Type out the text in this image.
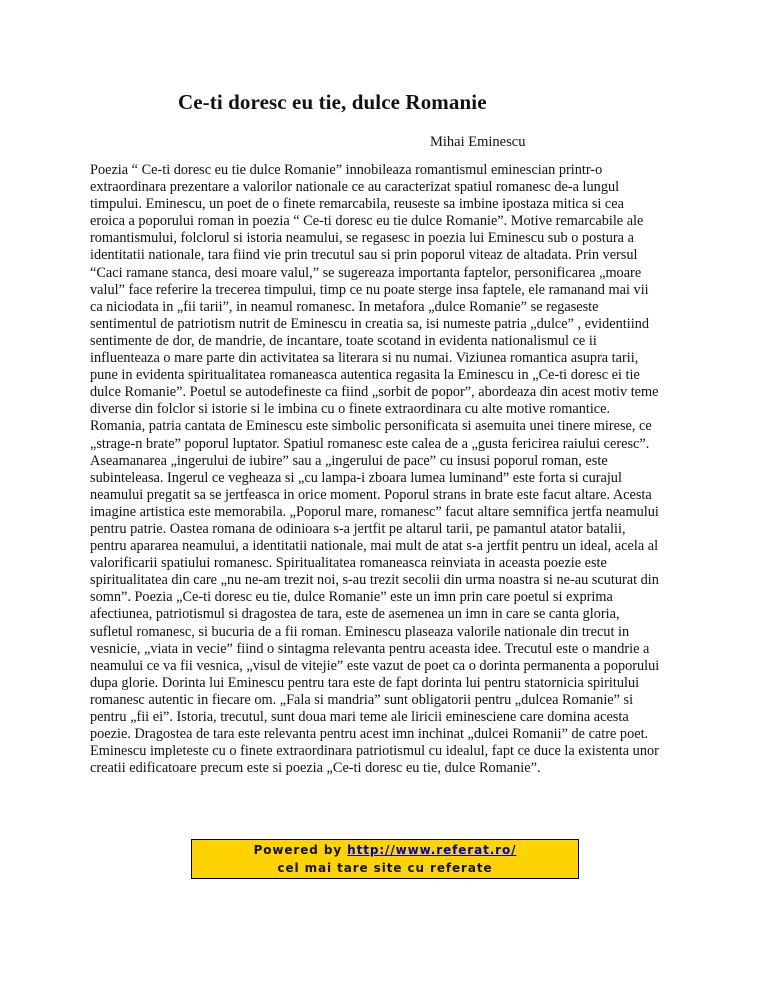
Ce-ti doresc eu tie, dulce Romanie
Mihai Eminescu
Poezia “ Ce-ti doresc eu tie dulce Romanie” innobileaza romantismul eminescian printr-o
extraordinara prezentare a valorilor nationale ce au caracterizat spatiul romanesc de-a lungul
timpului. Eminescu, un poet de o finete remarcabila, reuseste sa imbine ipostaza mitica si cea
eroica a poporului roman in poezia “ Ce-ti doresc eu tie dulce Romanie”. Motive remarcabile ale
romantismului, folclorul si istoria neamului, se regasesc in poezia lui Eminescu sub o postura a
identitatii nationale, tara fiind vie prin trecutul sau si prin poporul viteaz de altadata. Prin versul
“Caci ramane stanca, desi moare valul,” se sugereaza importanta faptelor, personificarea „moare
valul” face referire la trecerea timpului, timp ce nu poate sterge insa faptele, ele ramanand mai vii
ca niciodata in „fii tarii”, in neamul romanesc. In metafora „dulce Romanie” se regaseste
sentimentul de patriotism nutrit de Eminescu in creatia sa, isi numeste patria „dulce” , evidentiind
sentimente de dor, de mandrie, de incantare, toate scotand in evidenta nationalismul ce ii
influenteaza o mare parte din activitatea sa literara si nu numai. Viziunea romantica asupra tarii,
pune in evidenta spiritualitatea romaneasca autentica regasita la Eminescu in „Ce-ti doresc ei tie
dulce Romanie”. Poetul se autodefineste ca fiind „sorbit de popor”, abordeaza din acest motiv teme
diverse din folclor si istorie si le imbina cu o finete extraordinara cu alte motive romantice.
Romania, patria cantata de Eminescu este simbolic personificata si asemuita unei tinere mirese, ce
„strage-n brate” poporul luptator. Spatiul romanesc este calea de a „gusta fericirea raiului ceresc”.
Aseamanarea „ingerului de iubire” sau a „ingerului de pace” cu insusi poporul roman, este
subinteleasa. Ingerul ce vegheaza si „cu lampa-i zboara lumea luminand” este forta si curajul
neamului pregatit sa se jertfeasca in orice moment. Poporul strans in brate este facut altare. Acesta
imagine artistica este memorabila. „Poporul mare, romanesc” facut altare semnifica jertfa neamului
pentru patrie. Oastea romana de odinioara s-a jertfit pe altarul tarii, pe pamantul atator batalii,
pentru apararea neamului, a identitatii nationale, mai mult de atat s-a jertfit pentru un ideal, acela al
valorificarii spatiului romanesc. Spiritualitatea romaneasca reinviata in aceasta poezie este
spiritualitatea din care „nu ne-am trezit noi, s-au trezit secolii din urma noastra si ne-au scuturat din
somn”. Poezia „Ce-ti doresc eu tie, dulce Romanie” este un imn prin care poetul si exprima
afectiunea, patriotismul si dragostea de tara, este de asemenea un imn in care se canta gloria,
sufletul romanesc, si bucuria de a fii roman. Eminescu plaseaza valorile nationale din trecut in
vesnicie, „viata in vecie” fiind o sintagma relevanta pentru aceasta idee. Trecutul este o mandrie a
neamului ce va fii vesnica, „visul de vitejie” este vazut de poet ca o dorinta permanenta a poporului
dupa glorie. Dorinta lui Eminescu pentru tara este de fapt dorinta lui pentru statornicia spiritului
romanesc autentic in fiecare om. „Fala si mandria” sunt obligatorii pentru „dulcea Romanie” si
pentru „fii ei”. Istoria, trecutul, sunt doua mari teme ale liricii eminesciene care domina acesta
poezie. Dragostea de tara este relevanta pentru acest imn inchinat „dulcei Romanii” de catre poet.
Eminescu impleteste cu o finete extraordinara patriotismul cu idealul, fapt ce duce la existenta unor
creatii edificatoare precum este si poezia „Ce-ti doresc eu tie, dulce Romanie”.
Powered by http://www.referat.ro/
cel mai tare site cu referate
